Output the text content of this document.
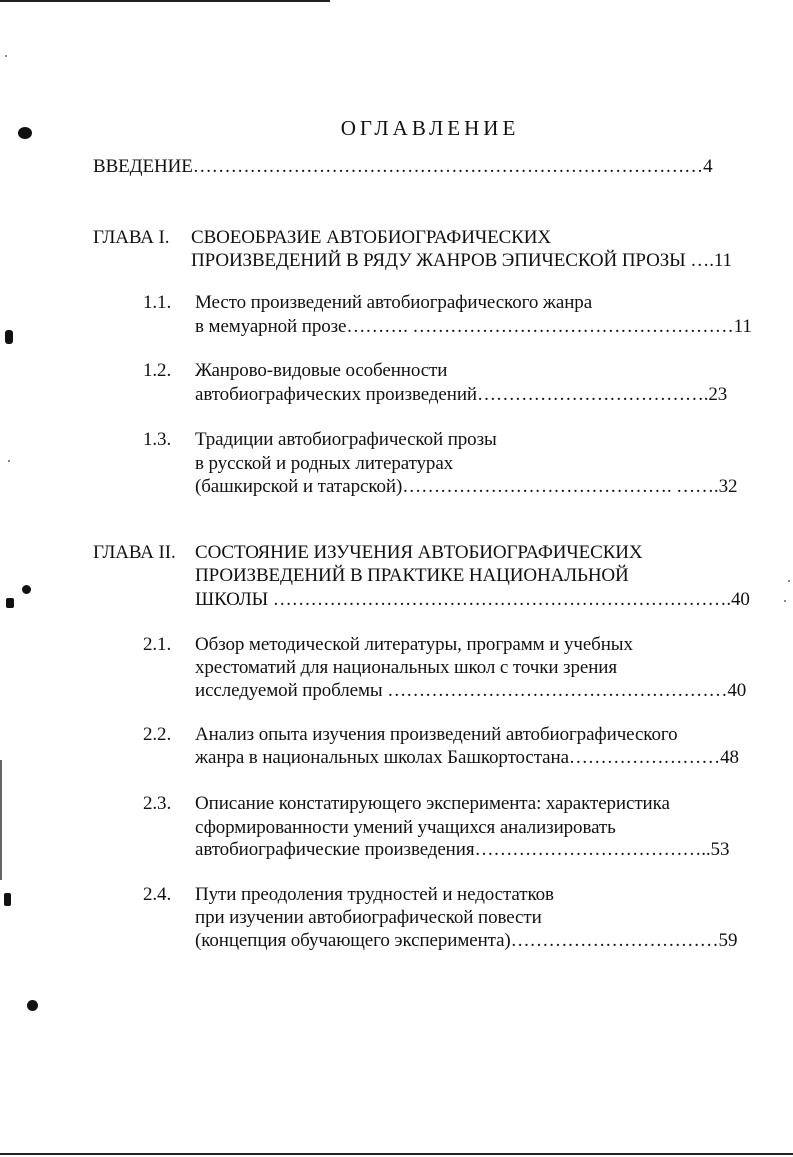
ОГЛАВЛЕНИЕ
ВВЕДЕНИЕ………………………………………………………………………4
ГЛАВА I. СВОЕОБРАЗИЕ АВТОБИОГРАФИЧЕСКИХ
ПРОИЗВЕДЕНИЙ В РЯДУ ЖАНРОВ ЭПИЧЕСКОЙ ПРОЗЫ ….11
1.1. Место произведений автобиографического жанра
в мемуарной прозе………. ……………………………………………11
1.2. Жанрово-видовые особенности
автобиографических произведений……………………………….23
1.3. Традиции автобиографической прозы
в русской и родных литературах
(башкирской и татарской)……………………………………. …….32
ГЛАВА II. СОСТОЯНИЕ ИЗУЧЕНИЯ АВТОБИОГРАФИЧЕСКИХ
ПРОИЗВЕДЕНИЙ В ПРАКТИКЕ НАЦИОНАЛЬНОЙ
ШКОЛЫ ……………………………………………………………….40
2.1. Обзор методической литературы, программ и учебных
хрестоматий для национальных школ с точки зрения
исследуемой проблемы ………………………………………………40
2.2. Анализ опыта изучения произведений автобиографического
жанра в национальных школах Башкортостана……………………48
2.3. Описание констатирующего эксперимента: характеристика
сформированности умений учащихся анализировать
автобиографические произведения………………………………..53
2.4. Пути преодоления трудностей и недостатков
при изучении автобиографической повести
(концепция обучающего эксперимента)……………………………59
